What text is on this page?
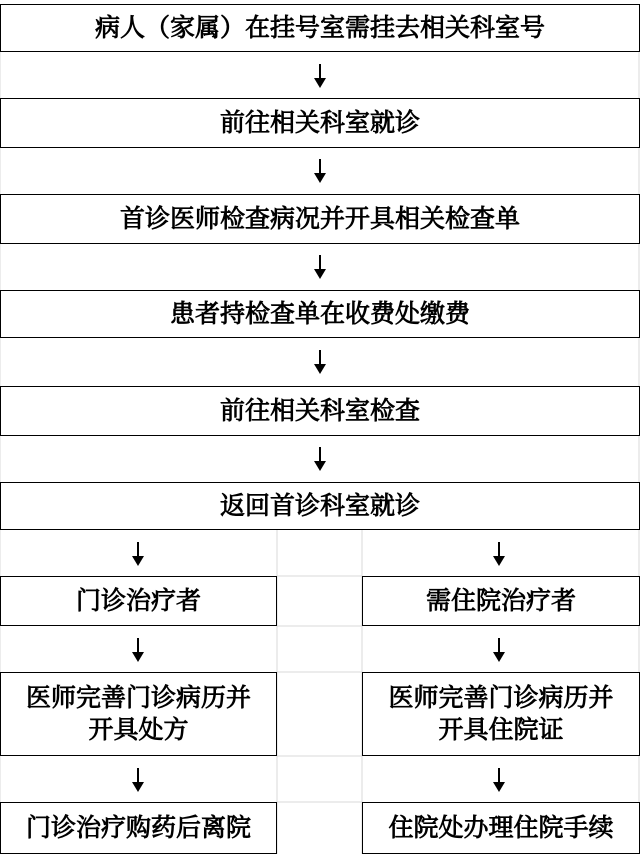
病人（家属）在挂号室需挂去相关科室号
前往相关科室就诊
首诊医师检查病况并开具相关检查单
患者持检查单在收费处缴费
前往相关科室检查
返回首诊科室就诊
门诊治疗者
医师完善门诊病历并开具处方
门诊治疗购药后离院
需住院治疗者
医师完善门诊病历并开具住院证
住院处办理住院手续
